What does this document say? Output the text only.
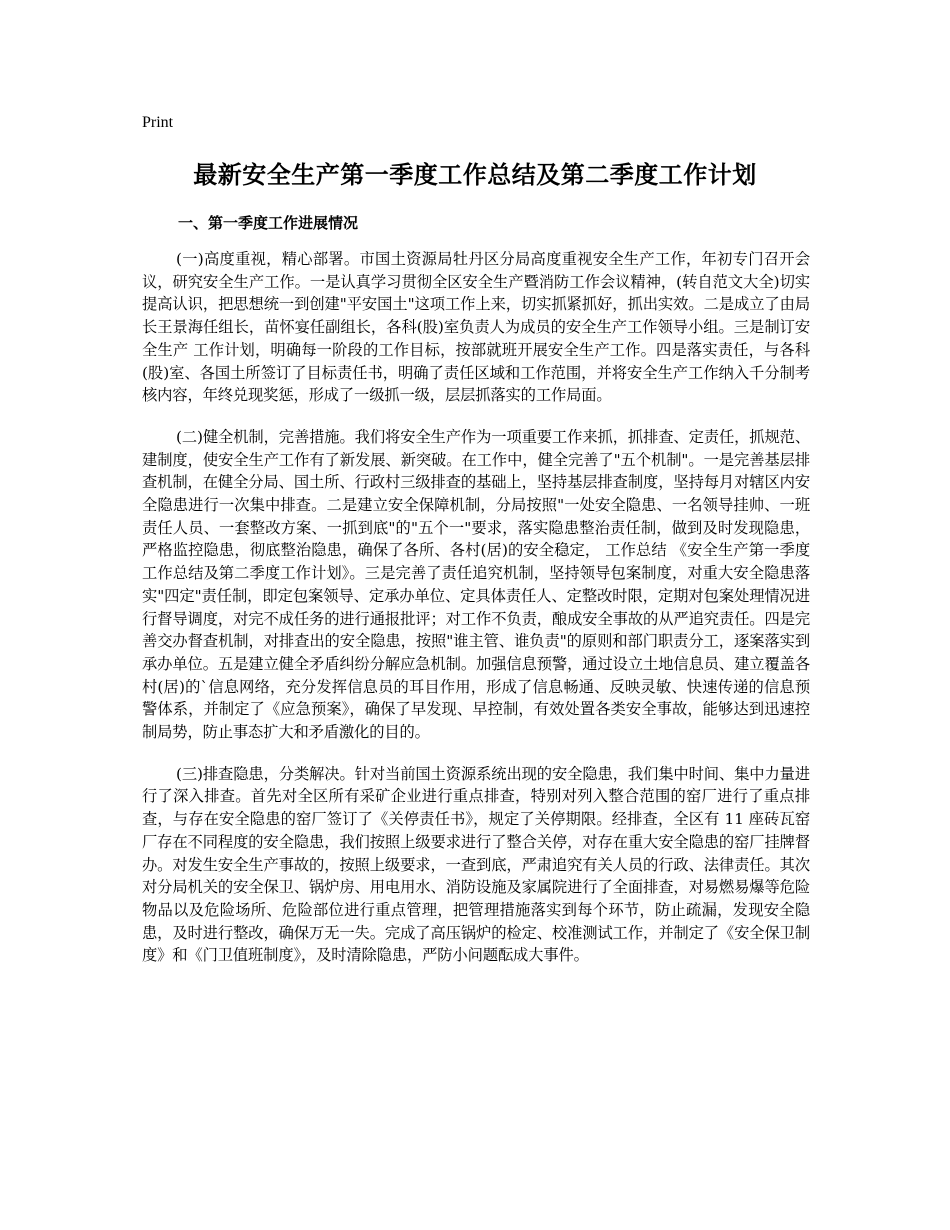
Print
最新安全生产第一季度工作总结及第二季度工作计划
一、第一季度工作进展情况

(一)高度重视，精心部署。市国土资源局牡丹区分局高度重视安全生产工作，年初专门召开会议，研究安全生产工作。一是认真学习贯彻全区安全生产暨消防工作会议精神，(转自范文大全)切实提高认识，把思想统一到创建"平安国土"这项工作上来，切实抓紧抓好，抓出实效。二是成立了由局长王景海任组长，苗怀宴任副组长，各科(股)室负责人为成员的安全生产工作领导小组。三是制订安全生产 工作计划，明确每一阶段的工作目标，按部就班开展安全生产工作。四是落实责任，与各科(股)室、各国土所签订了目标责任书，明确了责任区域和工作范围，并将安全生产工作纳入千分制考核内容，年终兑现奖惩，形成了一级抓一级，层层抓落实的工作局面。

(二)健全机制，完善措施。我们将安全生产作为一项重要工作来抓，抓排查、定责任，抓规范、建制度，使安全生产工作有了新发展、新突破。在工作中，健全完善了"五个机制"。一是完善基层排查机制，在健全分局、国土所、行政村三级排查的基础上，坚持基层排查制度，坚持每月对辖区内安全隐患进行一次集中排查。二是建立安全保障机制，分局按照"一处安全隐患、一名领导挂帅、一班责任人员、一套整改方案、一抓到底"的"五个一"要求，落实隐患整治责任制，做到及时发现隐患，严格监控隐患，彻底整治隐患，确保了各所、各村(居)的安全稳定， 工作总结 《安全生产第一季度工作总结及第二季度工作计划》。三是完善了责任追究机制，坚持领导包案制度，对重大安全隐患落实"四定"责任制，即定包案领导、定承办单位、定具体责任人、定整改时限，定期对包案处理情况进行督导调度，对完不成任务的进行通报批评；对工作不负责，酿成安全事故的从严追究责任。四是完善交办督查机制，对排查出的安全隐患，按照"谁主管、谁负责"的原则和部门职责分工，逐案落实到承办单位。五是建立健全矛盾纠纷分解应急机制。加强信息预警，通过设立土地信息员、建立覆盖各村(居)的`信息网络，充分发挥信息员的耳目作用，形成了信息畅通、反映灵敏、快速传递的信息预警体系，并制定了《应急预案》，确保了早发现、早控制，有效处置各类安全事故，能够达到迅速控制局势，防止事态扩大和矛盾激化的目的。

(三)排查隐患，分类解决。针对当前国土资源系统出现的安全隐患，我们集中时间、集中力量进行了深入排查。首先对全区所有采矿企业进行重点排查，特别对列入整合范围的窑厂进行了重点排查，与存在安全隐患的窑厂签订了《关停责任书》，规定了关停期限。经排查，全区有 11 座砖瓦窑厂存在不同程度的安全隐患，我们按照上级要求进行了整合关停，对存在重大安全隐患的窑厂挂牌督办。对发生安全生产事故的，按照上级要求，一查到底，严肃追究有关人员的行政、法律责任。其次对分局机关的安全保卫、锅炉房、用电用水、消防设施及家属院进行了全面排查，对易燃易爆等危险物品以及危险场所、危险部位进行重点管理，把管理措施落实到每个环节，防止疏漏，发现安全隐患，及时进行整改，确保万无一失。完成了高压锅炉的检定、校准测试工作，并制定了《安全保卫制度》和《门卫值班制度》，及时清除隐患，严防小问题酝成大事件。
